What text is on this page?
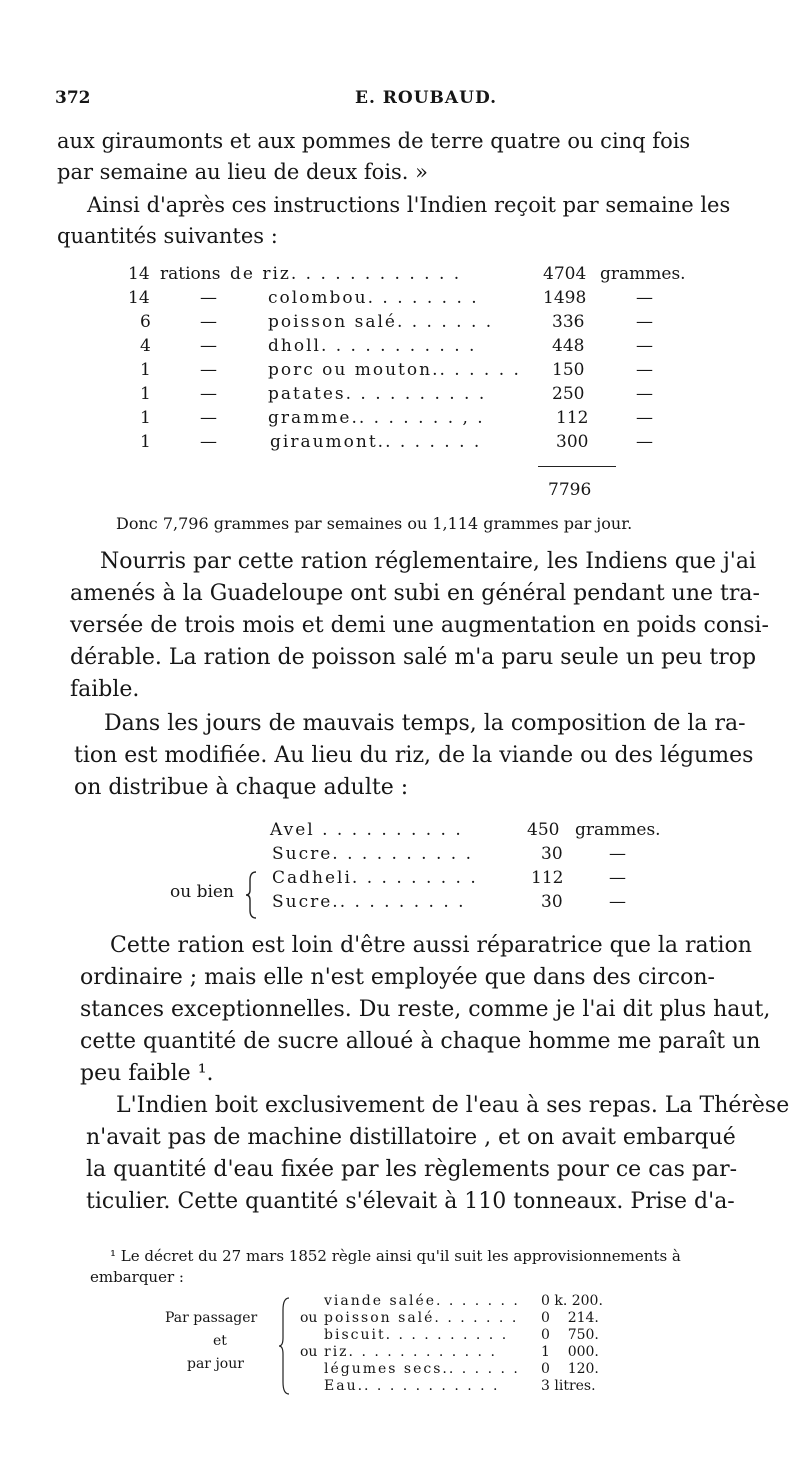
372	E. ROUBAUD.
aux giraumonts et aux pommes de terre quatre ou cinq fois
par semaine au lieu de deux fois. »
Ainsi d'après ces instructions l'Indien reçoit par semaine les
quantités suivantes :
14 rations de riz. . . . . . . . . . . .	4704 grammes.
14	—	colombou. . . . . . . .	1498	—
6	—	poisson salé. . . . . . .	336	—
4	—	dholl. . . . . . . . . . .	448	—
1	—	porc ou mouton.. . . . . . 150	—
1	—	patates. . . . . . . . . .	250	—
1	—	gramme.. . . . . . . , .	112	—
1	—	giraumont.. . . . . . .	300	—
7796
Donc 7,796 grammes par semaines ou 1,114 grammes par jour.
Nourris par cette ration réglementaire, les Indiens que j'ai
amenés à la Guadeloupe ont subi en général pendant une tra-
versée de trois mois et demi une augmentation en poids consi-
dérable. La ration de poisson salé m'a paru seule un peu trop
faible.
Dans les jours de mauvais temps, la composition de la ra-
tion est modifiée. Au lieu du riz, de la viande ou des légumes
on distribue à chaque adulte :
Avel . . . . . . . . . .	450 grammes.
Sucre. . . . . . . . . .	30	—
Cadheli. . . . . . . . .	112	—
Sucre.. . . . . . . . .	30	—
ou bien
Cette ration est loin d'être aussi réparatrice que la ration
ordinaire ; mais elle n'est employée que dans des circon-
stances exceptionnelles. Du reste, comme je l'ai dit plus haut,
cette quantité de sucre alloué à chaque homme me paraît un
peu faible ¹.
L'Indien boit exclusivement de l'eau à ses repas. La Thérèse
n'avait pas de machine distillatoire , et on avait embarqué
la quantité d'eau fixée par les règlements pour ce cas par-
ticulier. Cette quantité s'élevait à 110 tonneaux. Prise d'a-
¹ Le décret du 27 mars 1852 règle ainsi qu'il suit les approvisionnements à
embarquer :
Par passager
et
par jour
viande salée. . . . . . . 0 k. 200.
ou poisson salé. . . . . . . 0    214.
biscuit. . . . . . . . . . 0    750.
ou riz. . . . . . . . . . . .	1    000.
légumes secs.. . . . . . 0    120.
Eau.. . . . . . . . . . .	3 litres.
